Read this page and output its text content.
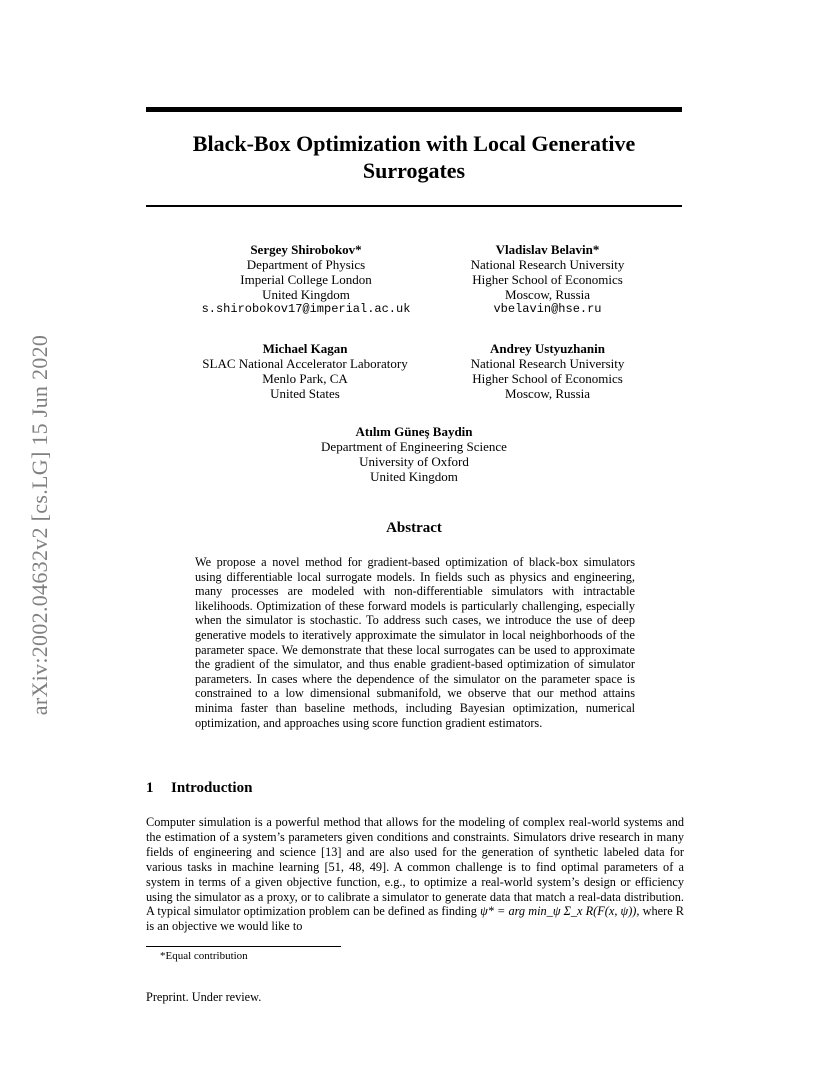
arXiv:2002.04632v2 [cs.LG] 15 Jun 2020
Black-Box Optimization with Local Generative
Surrogates
Sergey Shirobokov*
Department of Physics
Imperial College London
United Kingdom
s.shirobokov17@imperial.ac.uk
Vladislav Belavin*
National Research University
Higher School of Economics
Moscow, Russia
vbelavin@hse.ru
Michael Kagan
SLAC National Accelerator Laboratory
Menlo Park, CA
United States
Andrey Ustyuzhanin
National Research University
Higher School of Economics
Moscow, Russia
Atılım Güneş Baydin
Department of Engineering Science
University of Oxford
United Kingdom
Abstract
We propose a novel method for gradient-based optimization of black-box simulators using differentiable local surrogate models. In fields such as physics and engineering, many processes are modeled with non-differentiable simulators with intractable likelihoods. Optimization of these forward models is particularly challenging, especially when the simulator is stochastic. To address such cases, we introduce the use of deep generative models to iteratively approximate the simulator in local neighborhoods of the parameter space. We demonstrate that these local surrogates can be used to approximate the gradient of the simulator, and thus enable gradient-based optimization of simulator parameters. In cases where the dependence of the simulator on the parameter space is constrained to a low dimensional submanifold, we observe that our method attains minima faster than baseline methods, including Bayesian optimization, numerical optimization, and approaches using score function gradient estimators.
1 Introduction
Computer simulation is a powerful method that allows for the modeling of complex real-world systems and the estimation of a system’s parameters given conditions and constraints. Simulators drive research in many fields of engineering and science [13] and are also used for the generation of synthetic labeled data for various tasks in machine learning [51, 48, 49]. A common challenge is to find optimal parameters of a system in terms of a given objective function, e.g., to optimize a real-world system’s design or efficiency using the simulator as a proxy, or to calibrate a simulator to generate data that match a real-data distribution. A typical simulator optimization problem can be defined as finding ψ* = arg min_ψ Σ_x R(F(x, ψ)), where R is an objective we would like to
*Equal contribution
Preprint. Under review.
